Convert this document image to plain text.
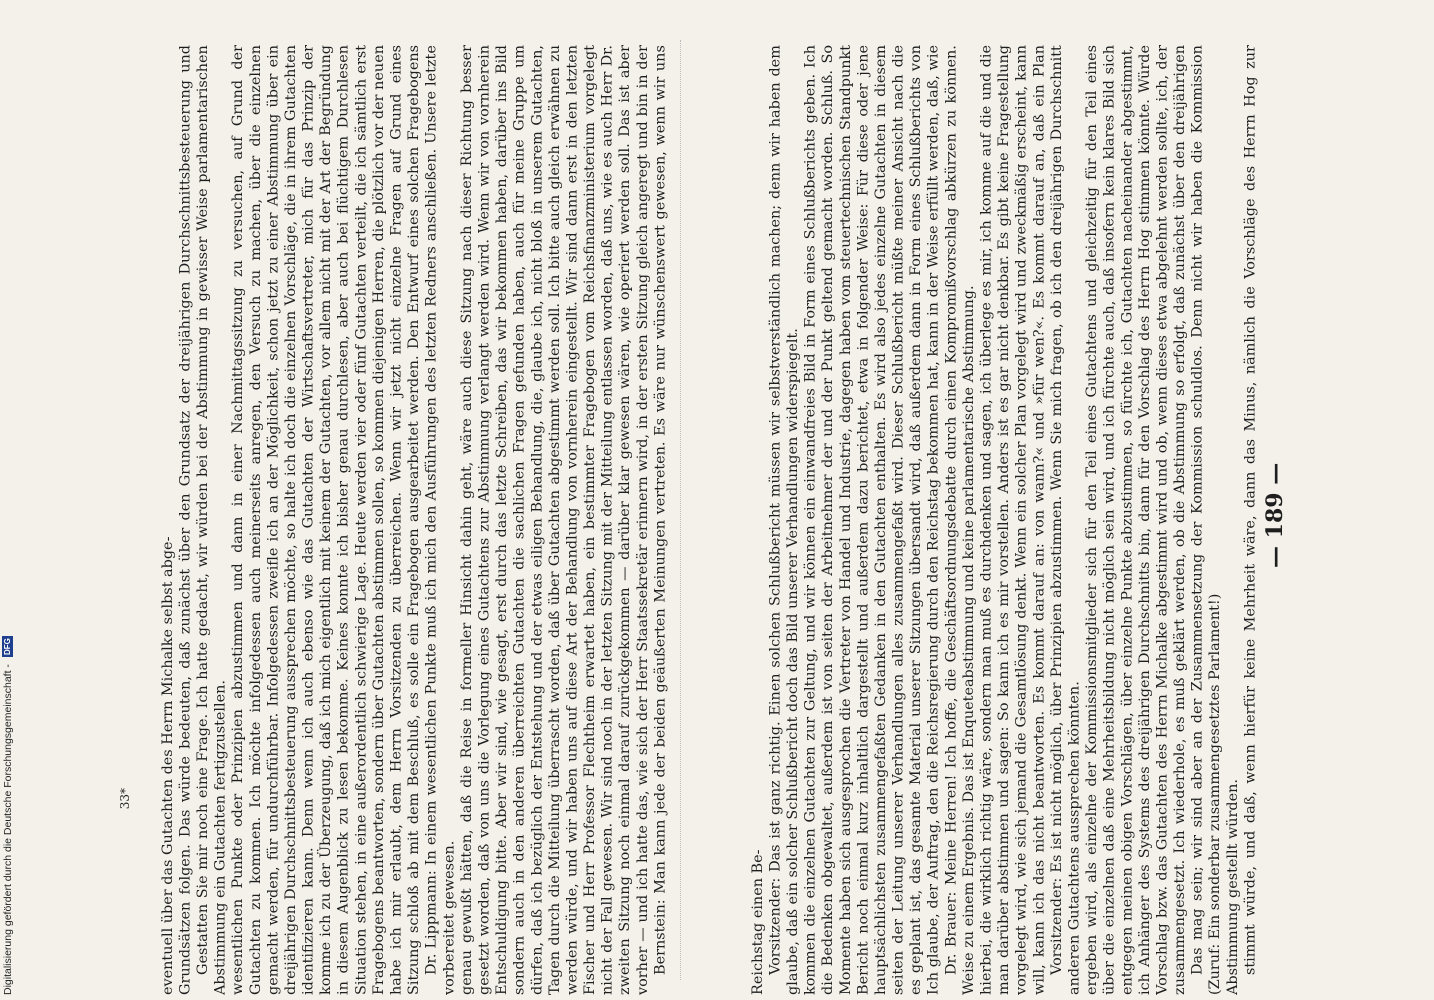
— 189 —

Bernstein: Man kann jede der beiden geäußerten Meinungen vertreten. Es wäre nur wünschenswert gewesen, wenn wir uns vorher — und ich hatte das, wie sich der Herr Staatssekretär erinnern wird, in der ersten Sitzung gleich angeregt und bin in der zweiten Sitzung noch einmal darauf zurückgekommen — darüber klar gewesen wären, wie operiert werden soll. Das ist aber nicht der Fall gewesen. Wir sind noch in der letzten Sitzung mit der Mitteilung entlassen worden, daß uns, wie es auch Herr Dr. Fischer und Herr Professor Flechtheim erwartet haben, ein bestimmter Fragebogen vom Reichsfinanzministerium vorgelegt werden würde, und wir haben uns auf diese Art der Behandlung von vornherein eingestellt. Wir sind dann erst in den letzten Tagen durch die Mitteilung überrascht worden, daß über Gutachten abgestimmt werden soll. Ich bitte auch gleich erwähnen zu dürfen, daß ich bezüglich der Entstehung und der etwas eiligen Behandlung, die, glaube ich, nicht bloß in unserem Gutachten, sondern auch in den anderen überreichten Gutachten die sachlichen Fragen gefunden haben, auch für meine Gruppe um Entschuldigung bitte. Aber wir sind, wie gesagt, erst durch das letzte Schreiben, das wir bekommen haben, darüber ins Bild gesetzt worden, daß von uns die Vorlegung eines Gutachtens zur Abstimmung verlangt werden wird. Wenn wir von vornherein genau gewußt hätten, daß die Reise in formeller Hinsicht dahin geht, wäre auch diese Sitzung nach dieser Richtung besser vorbereitet gewesen.

Dr. Lippmann: In einem wesentlichen Punkte muß ich mich den Ausführungen des letzten Redners anschließen. Unsere letzte Sitzung schloß ab mit dem Beschluß, es solle ein Fragebogen ausgearbeitet werden. Den Entwurf eines solchen Fragebogens habe ich mir erlaubt, dem Herrn Vorsitzenden zu überreichen. Wenn wir jetzt nicht einzelne Fragen auf Grund eines Fragebogens beantworten, sondern über Gutachten abstimmen sollen, so kommen diejenigen Herren, die plötzlich vor der neuen Situation stehen, in eine außerordentlich schwierige Lage. Heute werden vier oder fünf Gutachten verteilt, die ich sämtlich erst in diesem Augenblick zu lesen bekomme. Keines konnte ich bisher genau durchlesen, aber auch bei flüchtigem Durchlesen komme ich zu der Überzeugung, daß ich mich eigentlich mit keinem der Gutachten, vor allem nicht mit der Art der Begründung identifizieren kann. Denn wenn ich auch ebenso wie das Gutachten der Wirtschaftsvertreter, mich für das Prinzip der dreijährigen Durchschnittsbesteuerung aussprechen möchte, so halte ich doch die einzelnen Vorschläge, die in ihrem Gutachten gemacht werden, für undurchführbar. Infolgedessen zweifle ich an der Möglichkeit, schon jetzt zu einer Abstimmung über ein Gutachten zu kommen. Ich möchte infolgedessen auch meinerseits anregen, den Versuch zu machen, über die einzelnen wesentlichen Punkte oder Prinzipien abzustimmen und dann in einer Nachmittagssitzung zu versuchen, auf Grund der Abstimmung ein Gutachten fertigzustellen.

Gestatten Sie mir noch eine Frage. Ich hatte gedacht, wir würden bei der Abstimmung in gewisser Weise parlamentarischen Grundsätzen folgen. Das würde bedeuten, daß zunächst über den Grundsatz der dreijährigen Durchschnittsbesteuerung und eventuell über das Gutachten des Herrn Michalke selbst abge-	stimmt würde, und daß, wenn hierfür keine Mehrheit wäre, dann das Minus, nämlich die Vorschläge des Herrn Hog zur Abstimmung gestellt würden.

(Zuruf: Ein sonderbar zusammengesetztes Parlament!)

Das mag sein; wir sind aber an der Zusammensetzung der Kommission schuldlos. Denn nicht wir haben die Kommission zusammengesetzt. Ich wiederhole, es muß geklärt werden, ob die Abstimmung so erfolgt, daß zunächst über den dreijährigen Vorschlag bzw. das Gutachten des Herrn Michalke abgestimmt wird und ob, wenn dieses etwa abgelehnt werden sollte, ich, der ich Anhänger des Systems des dreijährigen Durchschnitts bin, dann für den Vorschlag des Herrn Hog stimmen könnte. Würde entgegen meinen obigen Vorschlägen, über einzelne Punkte abzustimmen, so fürchte ich, Gutachten nacheinander abgestimmt, über die einzelnen daß eine Mehrheitsbildung nicht möglich sein wird, und ich fürchte auch, daß insofern kein klares Bild sich ergeben wird, als einzelne der Kommissionsmitglieder sich für den Teil eines Gutachtens und gleichzeitig für den Teil eines anderen Gutachtens aussprechen könnten.

Vorsitzender: Es ist nicht möglich, über Prinzipien abzustimmen. Wenn Sie mich fragen, ob ich den dreijährigen Durchschnitt will, kann ich das nicht beantworten. Es kommt darauf an: von wann?« und »für wen?«. Es kommt darauf an, daß ein Plan vorgelegt wird, wie sich jemand die Gesamtlösung denkt. Wenn ein solcher Plan vorgelegt wird und zweckmäßig erscheint, kann man darüber abstimmen und sagen: So kann ich es mir vorstellen. Anders ist es gar nicht denkbar. Es gibt keine Fragestellung hierbei, die wirklich richtig wäre, sondern man muß es durchdenken und sagen, ich überlege es mir, ich komme auf die und die Weise zu einem Ergebnis. Das ist Enqueteabstimmung und keine parlamentarische Abstimmung.

Dr. Brauer: Meine Herren! Ich hoffe, die Geschäftsordnungsdebatte durch einen Kompromißvorschlag abkürzen zu können. Ich glaube, der Auftrag, den die Reichsregierung durch den Reichstag bekommen hat, kann in der Weise erfüllt werden, daß, wie es geplant ist, das gesamte Material unserer Sitzungen übersandt wird, daß außerdem dann in Form eines Schlußberichts von seiten der Leitung unserer Verhandlungen alles zusammengefaßt wird. Dieser Schlußbericht müßte meiner Ansicht nach die hauptsächlichsten zusammengefaßten Gedanken in den Gutachten enthalten. Es wird also jedes einzelne Gutachten in diesem Bericht noch einmal kurz inhaltlich dargestellt und außerdem dazu berichtet, etwa in folgender Weise: Für diese oder jene Momente haben sich ausgesprochen die Vertreter von Handel und Industrie, dagegen haben vom steuertechnischen Standpunkt die Bedenken obgewaltet, außerdem ist von seiten der Arbeitnehmer der und der Punkt geltend gemacht worden. Schluß. So kommen die einzelnen Gutachten zur Geltung, und wir können ein einwandfreies Bild in Form eines Schlußberichts geben. Ich glaube, daß ein solcher Schlußbericht doch das Bild unserer Verhandlungen widerspiegelt.

Vorsitzender: Das ist ganz richtig. Einen solchen Schlußbericht müssen wir selbstverständlich machen; denn wir haben dem Reichstag einen Be-

33*
Digitalisierung gefördert durch die Deutsche Forschungsgemeinschaft - DFG
